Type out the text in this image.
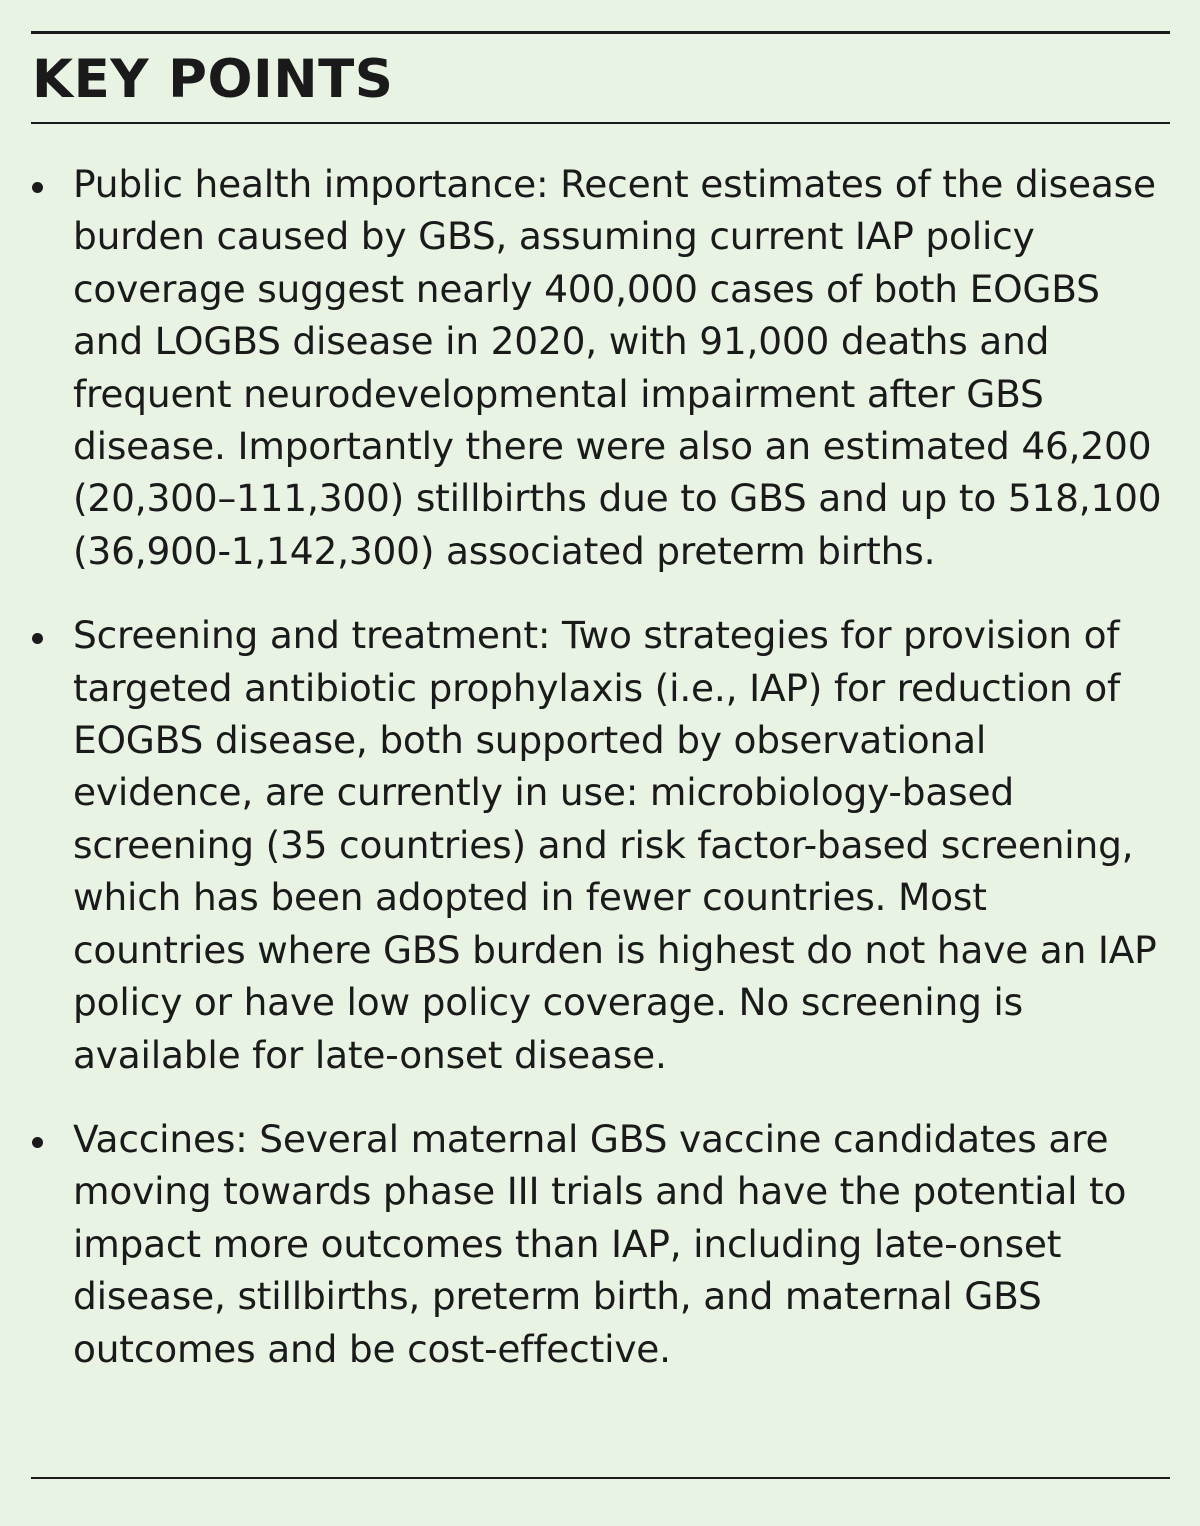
KEY POINTS
Public health importance: Recent estimates of the disease burden caused by GBS, assuming current IAP policy coverage suggest nearly 400,000 cases of both EOGBS and LOGBS disease in 2020, with 91,000 deaths and frequent neurodevelopmental impairment after GBS disease. Importantly there were also an estimated 46,200 (20,300–111,300) stillbirths due to GBS and up to 518,100 (36,900-1,142,300) associated preterm births.
Screening and treatment: Two strategies for provision of targeted antibiotic prophylaxis (i.e., IAP) for reduction of EOGBS disease, both supported by observational evidence, are currently in use: microbiology-based screening (35 countries) and risk factor-based screening, which has been adopted in fewer countries. Most countries where GBS burden is highest do not have an IAP policy or have low policy coverage. No screening is available for late-onset disease.
Vaccines: Several maternal GBS vaccine candidates are moving towards phase III trials and have the potential to impact more outcomes than IAP, including late-onset disease, stillbirths, preterm birth, and maternal GBS outcomes and be cost-effective.
